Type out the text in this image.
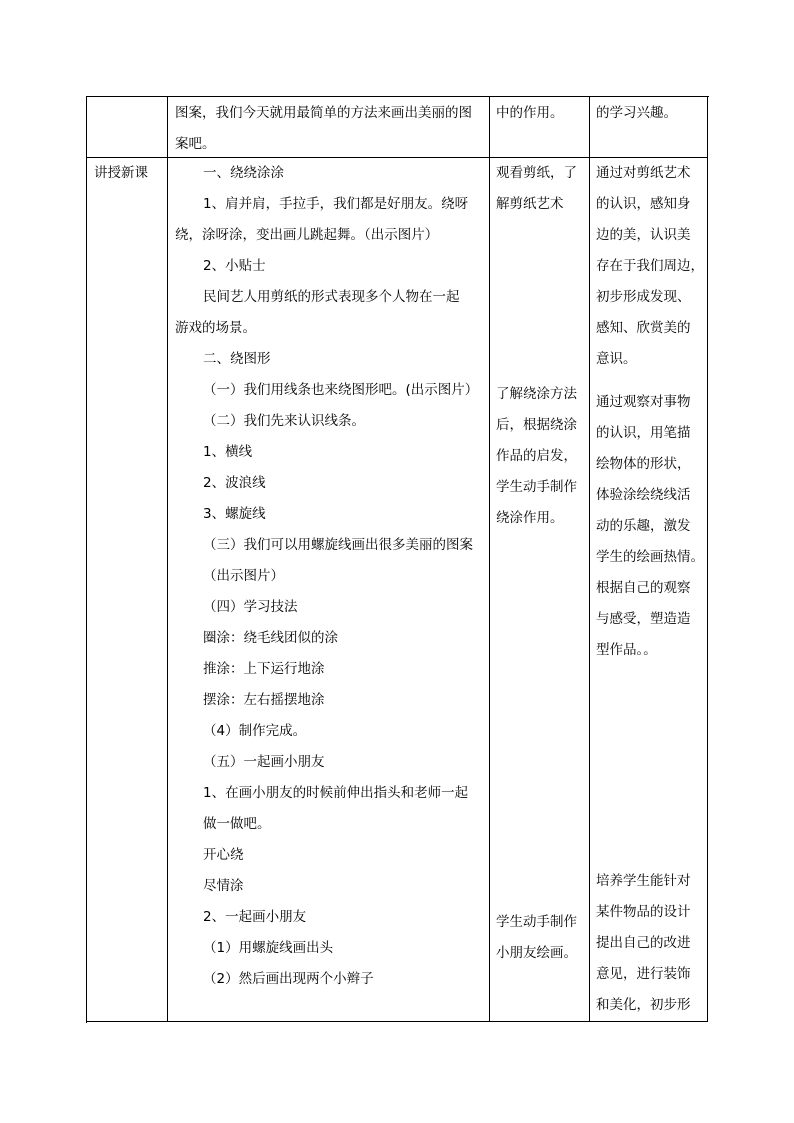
图案，我们今天就用最简单的方法来画出美丽的图
案吧。
中的作用。	的学习兴趣。
讲授新课	一、绕绕涂涂
1、肩并肩，手拉手，我们都是好朋友。绕呀
绕，涂呀涂，变出画儿跳起舞。（出示图片）
2、小贴士
民间艺人用剪纸的形式表现多个人物在一起
游戏的场景。
二、绕图形
（一）我们用线条也来绕图形吧。(出示图片）
（二）我们先来认识线条。
1、横线
2、波浪线
3、螺旋线
（三）我们可以用螺旋线画出很多美丽的图案
（出示图片）
（四）学习技法
圈涂：绕毛线团似的涂
推涂：上下运行地涂
摆涂：左右摇摆地涂
（4）制作完成。
（五）一起画小朋友
1、在画小朋友的时候前伸出指头和老师一起
做一做吧。
开心绕
尽情涂
2、一起画小朋友
（1）用螺旋线画出头
（2）然后画出现两个小辫子
观看剪纸，了
解剪纸艺术
了解绕涂方法
后，根据绕涂
作品的启发，
学生动手制作
绕涂作用。
学生动手制作
小朋友绘画。
通过对剪纸艺术
的认识，感知身
边的美，认识美
存在于我们周边，
初步形成发现、
感知、欣赏美的
意识。
通过观察对事物
的认识，用笔描
绘物体的形状，
体验涂绘绕线活
动的乐趣，激发
学生的绘画热情。
根据自己的观察
与感受，塑造造
型作品。。
培养学生能针对
某件物品的设计
提出自己的改进
意见，进行装饰
和美化，初步形
